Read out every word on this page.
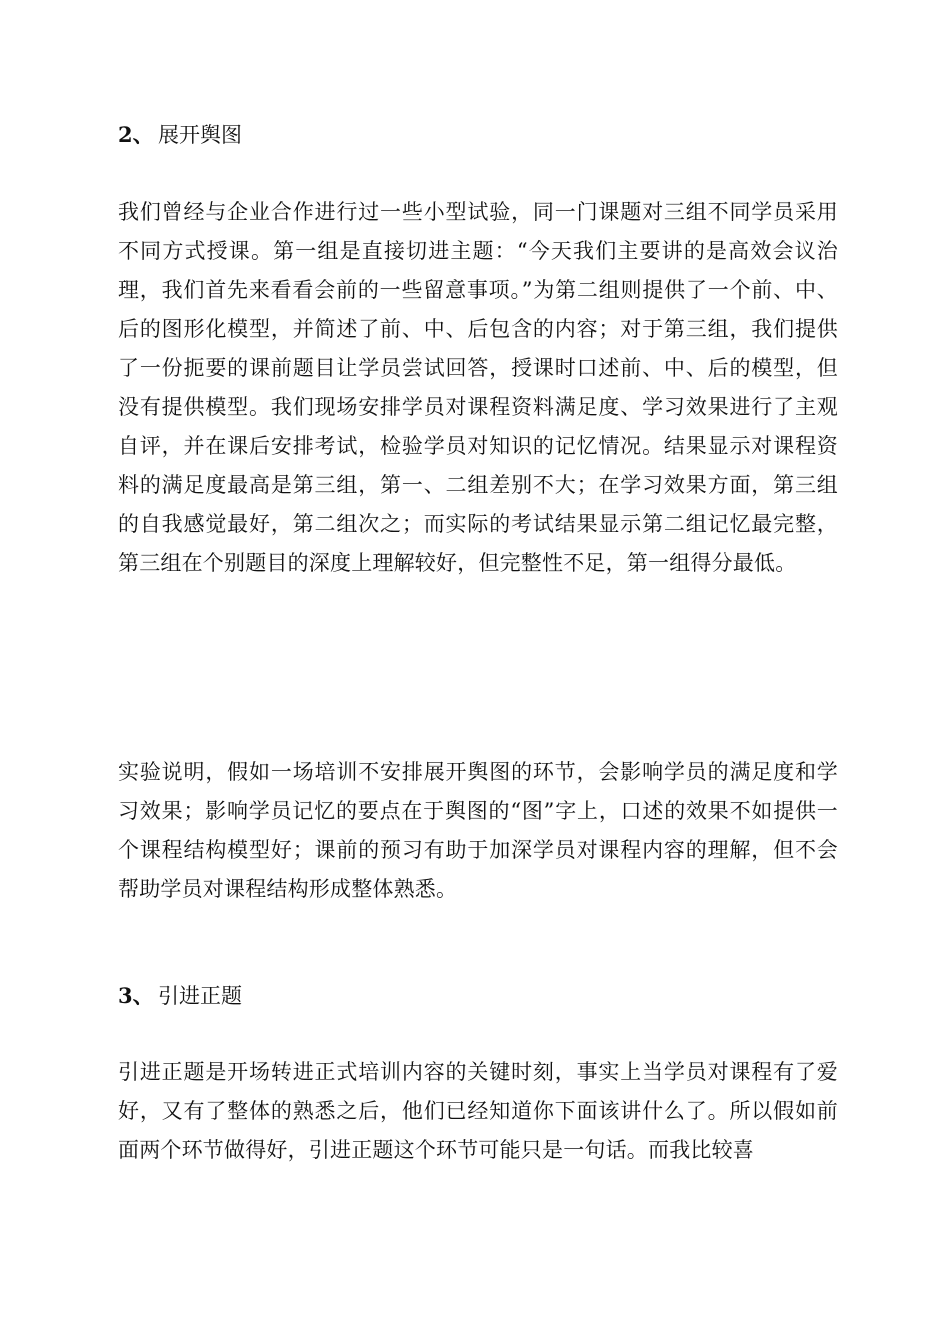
2、 展开舆图

我们曾经与企业合作进行过一些小型试验，同一门课题对三组不同学员采用不同方式授课。第一组是直接切进主题：“今天我们主要讲的是高效会议治理，我们首先来看看会前的一些留意事项。”为第二组则提供了一个前、中、后的图形化模型，并简述了前、中、后包含的内容；对于第三组，我们提供了一份扼要的课前题目让学员尝试回答，授课时口述前、中、后的模型，但没有提供模型。我们现场安排学员对课程资料满足度、学习效果进行了主观自评，并在课后安排考试，检验学员对知识的记忆情况。结果显示对课程资料的满足度最高是第三组，第一、二组差别不大；在学习效果方面，第三组的自我感觉最好，第二组次之；而实际的考试结果显示第二组记忆最完整，第三组在个别题目的深度上理解较好，但完整性不足，第一组得分最低。

实验说明，假如一场培训不安排展开舆图的环节，会影响学员的满足度和学习效果；影响学员记忆的要点在于舆图的“图”字上，口述的效果不如提供一个课程结构模型好；课前的预习有助于加深学员对课程内容的理解，但不会帮助学员对课程结构形成整体熟悉。

3、 引进正题

引进正题是开场转进正式培训内容的关键时刻，事实上当学员对课程有了爱好，又有了整体的熟悉之后，他们已经知道你下面该讲什么了。所以假如前面两个环节做得好，引进正题这个环节可能只是一句话。而我比较喜
